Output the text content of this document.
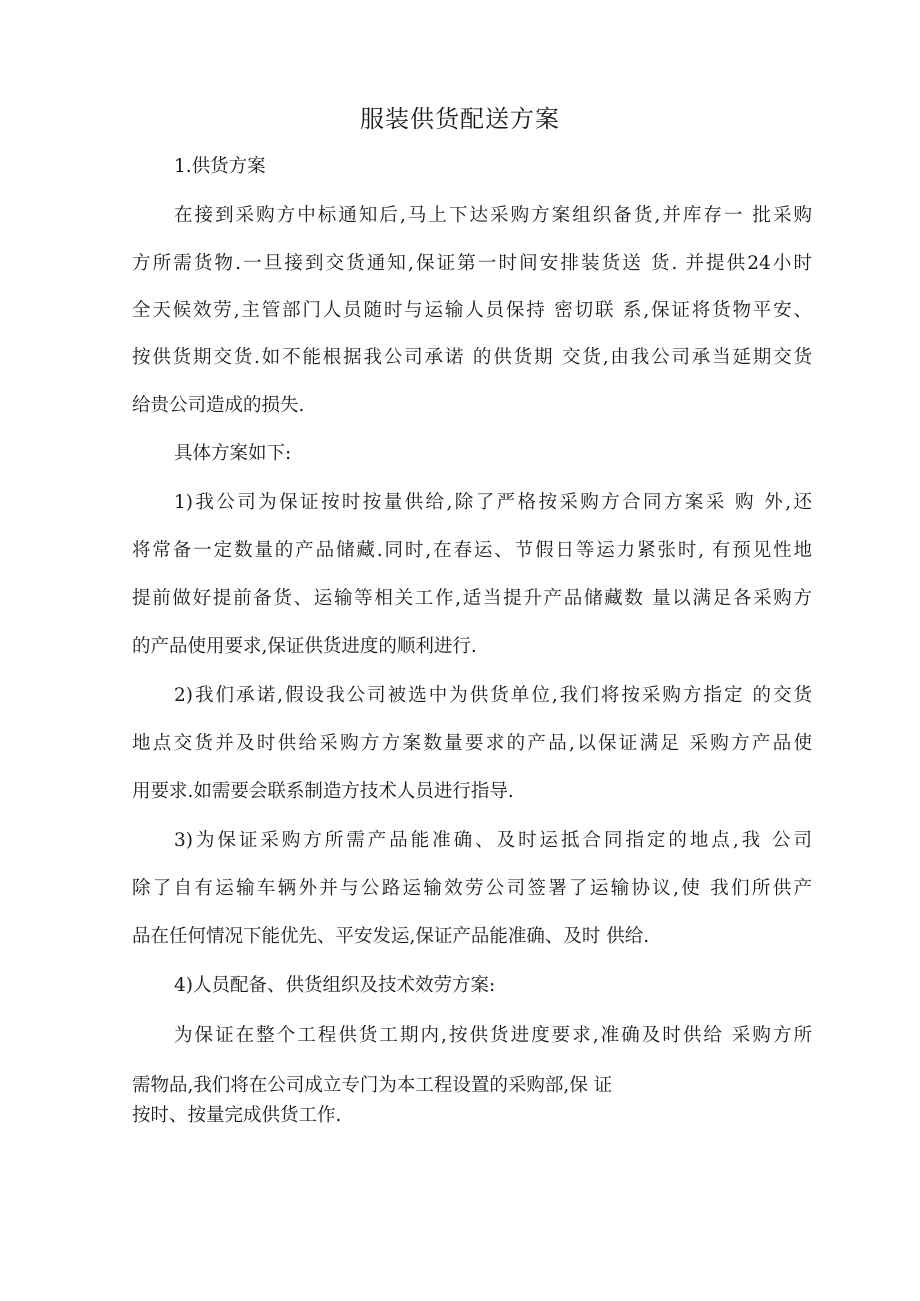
服装供货配送方案
1.供货方案
在接到采购方中标通知后,马上下达采购方案组织备货,并库存一 批采购
方所需货物.一旦接到交货通知,保证第一时间安排装货送 货. 并提供24小时
全天候效劳,主管部门人员随时与运输人员保持 密切联 系,保证将货物平安、
按供货期交货.如不能根据我公司承诺 的供货期 交货,由我公司承当延期交货
给贵公司造成的损失.
具体方案如下:
1)我公司为保证按时按量供给,除了严格按采购方合同方案采 购 外,还
将常备一定数量的产品储藏.同时,在春运、节假日等运力紧张时, 有预见性地
提前做好提前备货、运输等相关工作,适当提升产品储藏数 量以满足各采购方
的产品使用要求,保证供货进度的顺利进行.
2)我们承诺,假设我公司被选中为供货单位,我们将按采购方指定 的交货
地点交货并及时供给采购方方案数量要求的产品,以保证满足 采购方产品使
用要求.如需要会联系制造方技术人员进行指导.
3)为保证采购方所需产品能准确、及时运抵合同指定的地点,我 公司
除了自有运输车辆外并与公路运输效劳公司签署了运输协议,使 我们所供产
品在任何情况下能优先、平安发运,保证产品能准确、及时 供给.
4)人员配备、供货组织及技术效劳方案:
为保证在整个工程供货工期内,按供货进度要求,准确及时供给 采购方所
需物品,我们将在公司成立专门为本工程设置的采购部,保 证
按时、按量完成供货工作.
